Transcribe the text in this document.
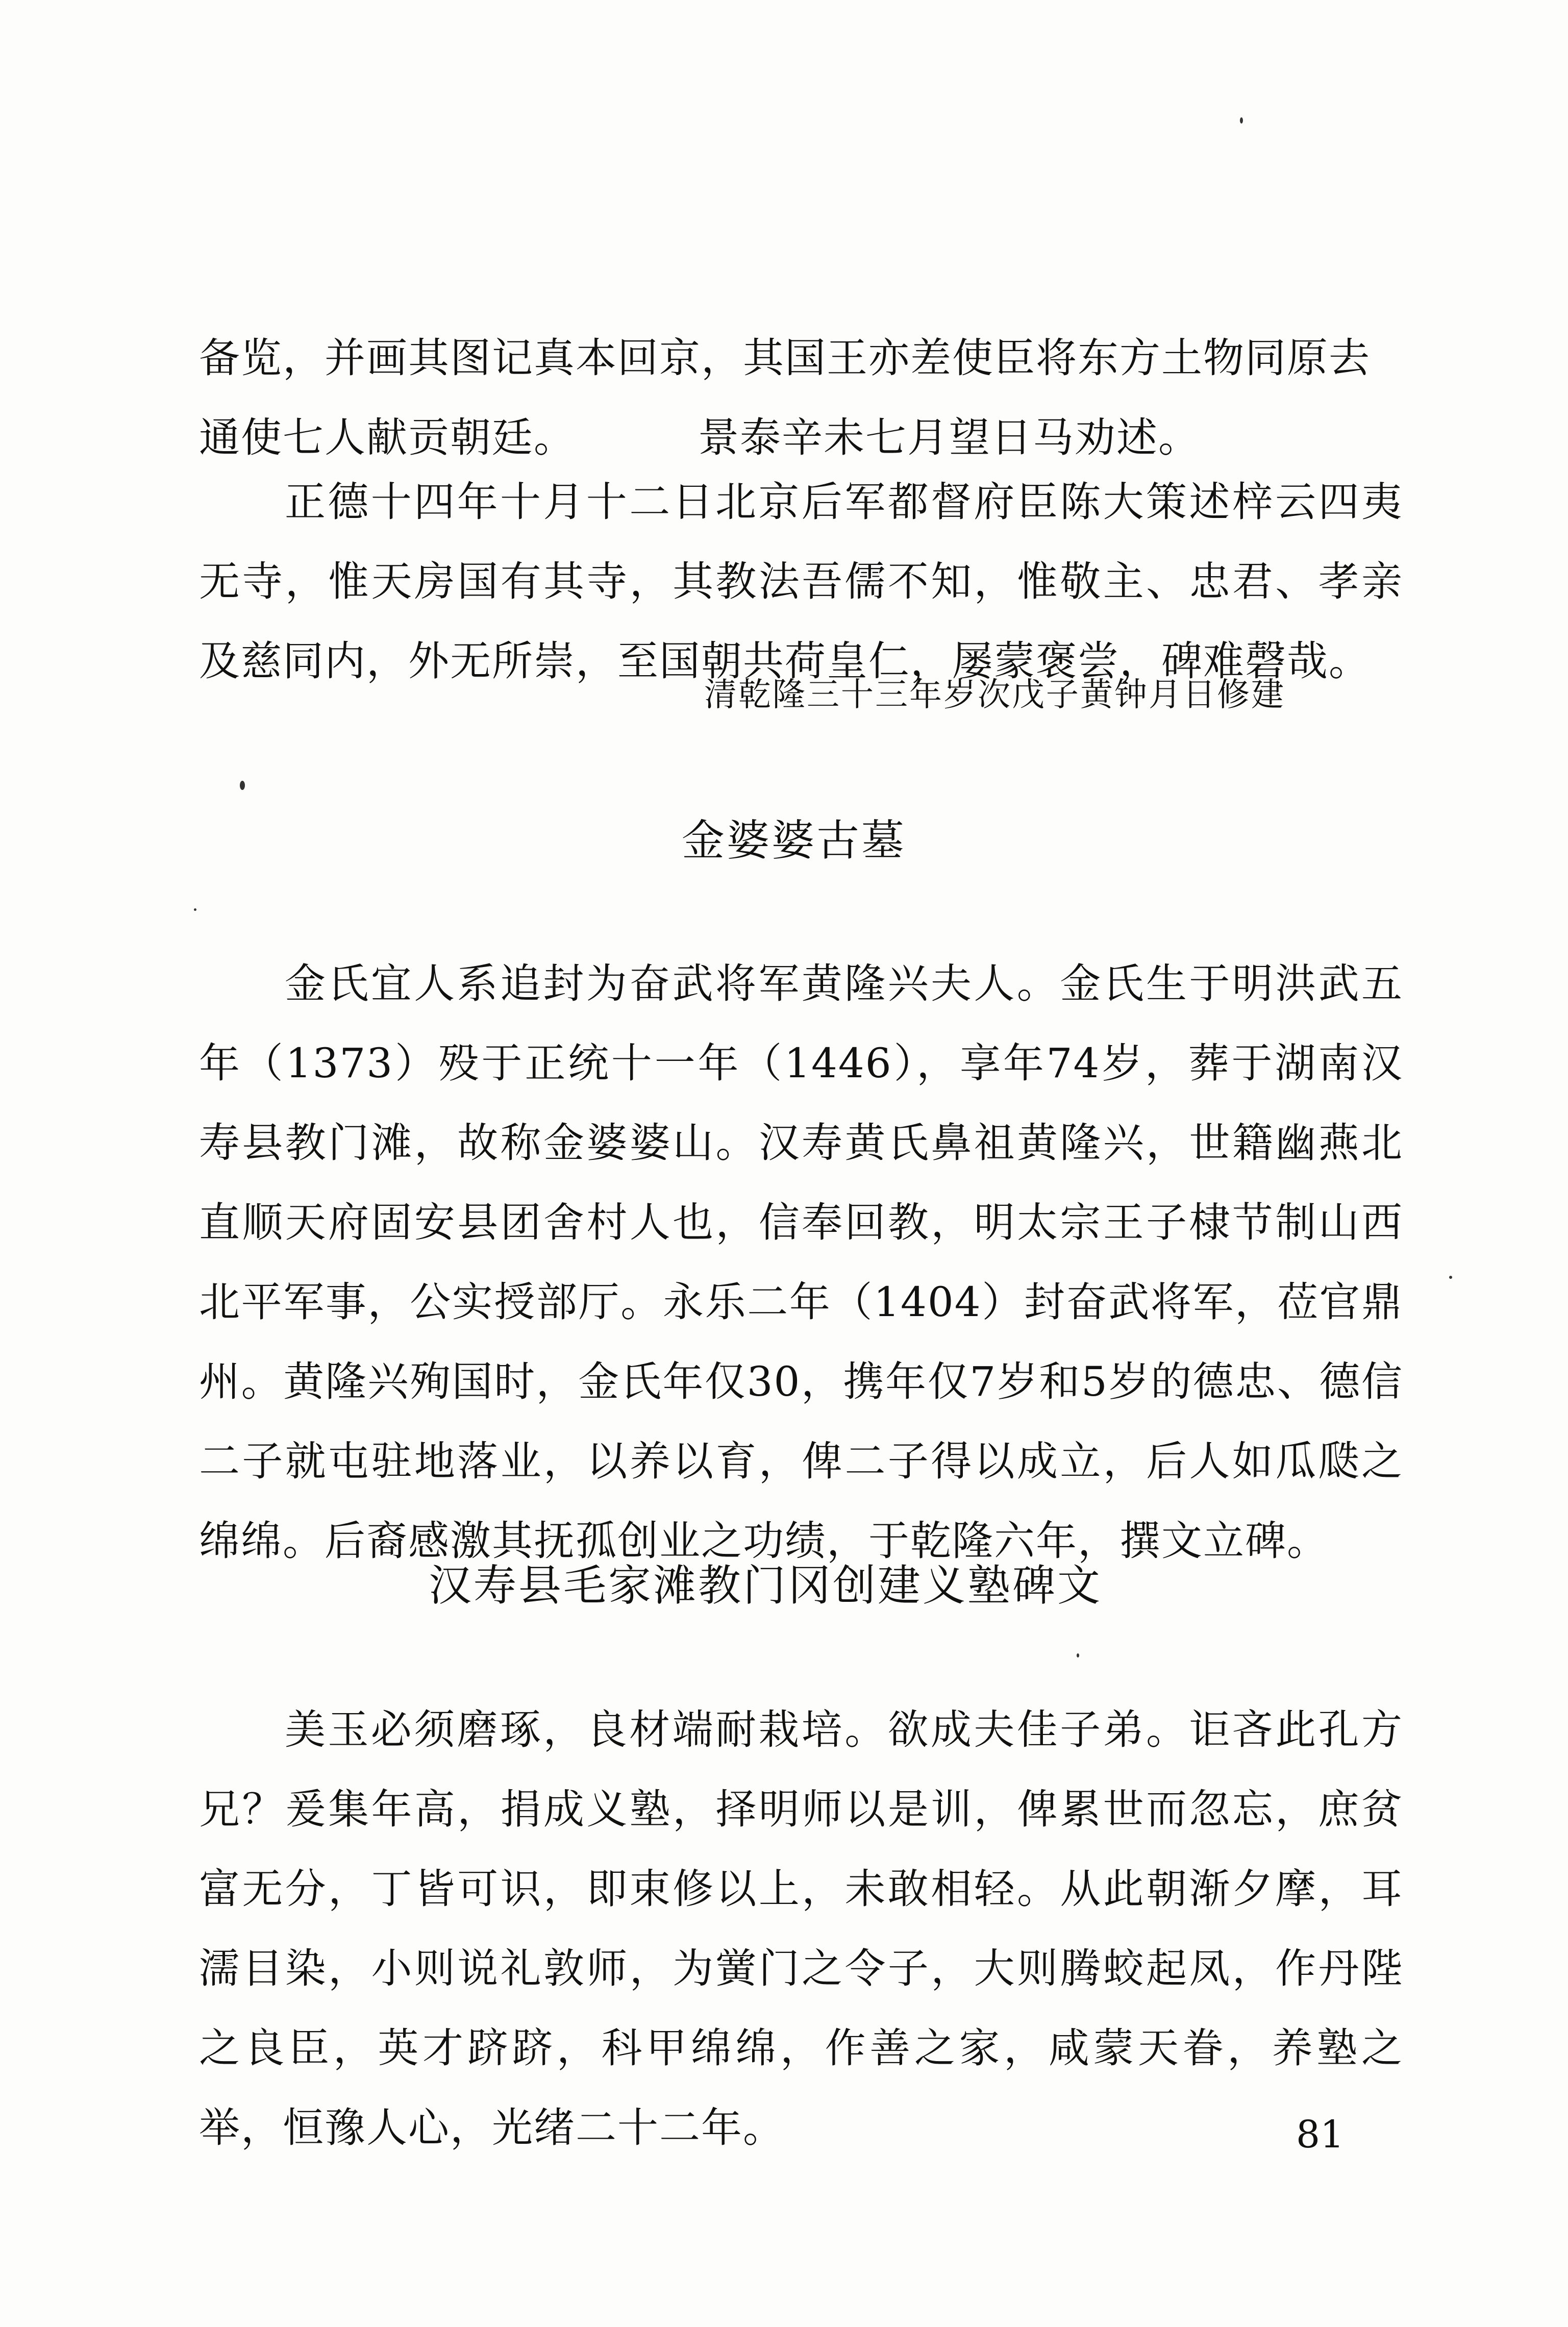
备览，并画其图记真本回京，其国王亦差使臣将东方土物同原去

通使七人献贡朝廷。	景泰辛未七月望日马劝述。

正德十四年十月十二日北京后军都督府臣陈大策述梓云四夷无寺，惟天房国有其寺，其教法吾儒不知，惟敬主、忠君、孝亲及慈同内，外无所崇，至国朝共荷皇仁，屡蒙褒尝，碑难磬哉。

清乾隆三十三年岁次戊子黄钟月日修建
金婆婆古墓

金氏宜人系追封为奋武将军黄隆兴夫人。金氏生于明洪武五年（1373）殁于正统十一年（1446），享年74岁，葬于湖南汉寿县教门滩，故称金婆婆山。汉寿黄氏鼻祖黄隆兴，世籍幽燕北直顺天府固安县团舍村人也，信奉回教，明太宗王子棣节制山西北平军事，公实授部厅。永乐二年（1404）封奋武将军，莅官鼎州。黄隆兴殉国时，金氏年仅30，携年仅7岁和5岁的德忠、德信二子就屯驻地落业，以养以育，俾二子得以成立，后人如瓜瓞之绵绵。后裔感激其抚孤创业之功绩，于乾隆六年，撰文立碑。

汉寿县毛家滩教门冈创建义塾碑文

美玉必须磨琢，良材端耐栽培。欲成夫佳子弟。讵吝此孔方兄？爰集年高，捐成义塾，择明师以是训，俾累世而忽忘，庶贫富无分，丁皆可识，即束修以上，未敢相轻。从此朝渐夕摩，耳濡目染，小则说礼敦师，为黉门之令子，大则腾蛟起凤，作丹陛之良臣，英才跻跻，科甲绵绵，作善之家，咸蒙天眷，养塾之举，恒豫人心，光绪二十二年。	81
